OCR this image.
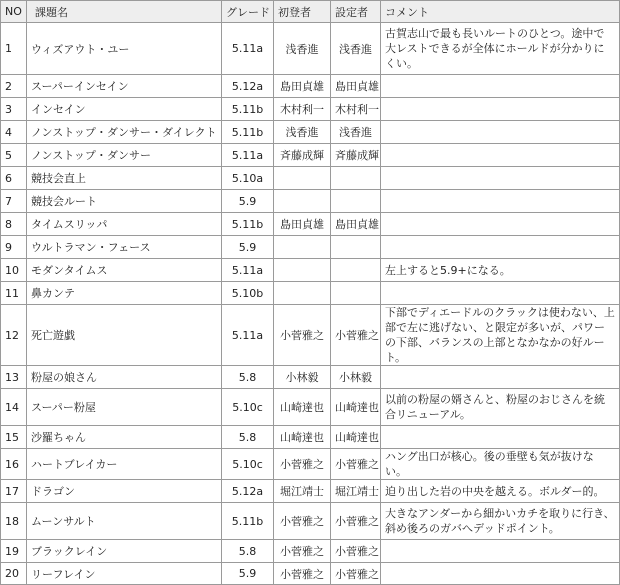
NO	課題名	グレード	初登者	設定者	コメント
1	ウィズアウト・ユー	5.11a	浅香進	浅香進	古賀志山で最も長いルートのひとつ。途中で大レストできるが全体にホールドが分かりにくい。
2	スーパーインセイン	5.12a	島田貞雄	島田貞雄	
3	インセイン	5.11b	木村利一	木村利一	
4	ノンストップ・ダンサー・ダイレクト	5.11b	浅香進	浅香進	
5	ノンストップ・ダンサー	5.11a	斉藤成輝	斉藤成輝	
6	競技会直上	5.10a			
7	競技会ルート	5.9			
8	タイムスリッパ	5.11b	島田貞雄	島田貞雄	
9	ウルトラマン・フェース	5.9			
10	モダンタイムス	5.11a			左上すると5.9+になる。
11	鼻カンテ	5.10b			
12	死亡遊戯	5.11a	小菅雅之	小菅雅之	下部でディエードルのクラックは使わない、上部で左に逃げない、と限定が多いが、パワーの下部、バランスの上部となかなかの好ルート。
13	粉屋の娘さん	5.8	小林毅	小林毅	
14	スーパー粉屋	5.10c	山崎達也	山崎達也	以前の粉屋の婿さんと、粉屋のおじさんを統合リニューアル。
15	沙羅ちゃん	5.8	山崎達也	山崎達也	
16	ハートブレイカー	5.10c	小菅雅之	小菅雅之	ハング出口が核心。後の垂壁も気が抜けない。
17	ドラゴン	5.12a	堀江靖士	堀江靖士	迫り出した岩の中央を越える。ボルダー的。
18	ムーンサルト	5.11b	小菅雅之	小菅雅之	大きなアンダーから細かいカチを取りに行き、斜め後ろのガバへデッドポイント。
19	ブラックレイン	5.8	小菅雅之	小菅雅之	
20	リーフレイン	5.9	小菅雅之	小菅雅之	
